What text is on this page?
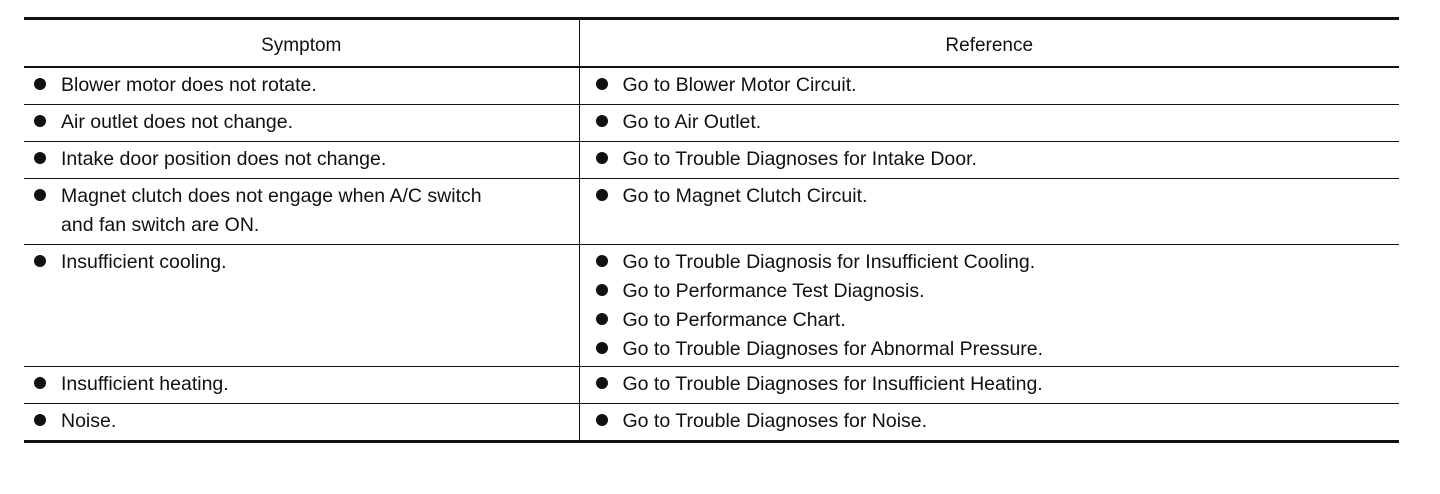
Symptom	Reference

Blower motor does not rotate.	Go to Blower Motor Circuit.

Air outlet does not change.	Go to Air Outlet.

Intake door position does not change.	Go to Trouble Diagnoses for Intake Door.

Magnet clutch does not engage when A/C switch and fan switch are ON.	Go to Magnet Clutch Circuit.

Insufficient cooling.	Go to Trouble Diagnosis for Insufficient Cooling.
Go to Performance Test Diagnosis.
Go to Performance Chart.
Go to Trouble Diagnoses for Abnormal Pressure.

Insufficient heating.	Go to Trouble Diagnoses for Insufficient Heating.

Noise.	Go to Trouble Diagnoses for Noise.
